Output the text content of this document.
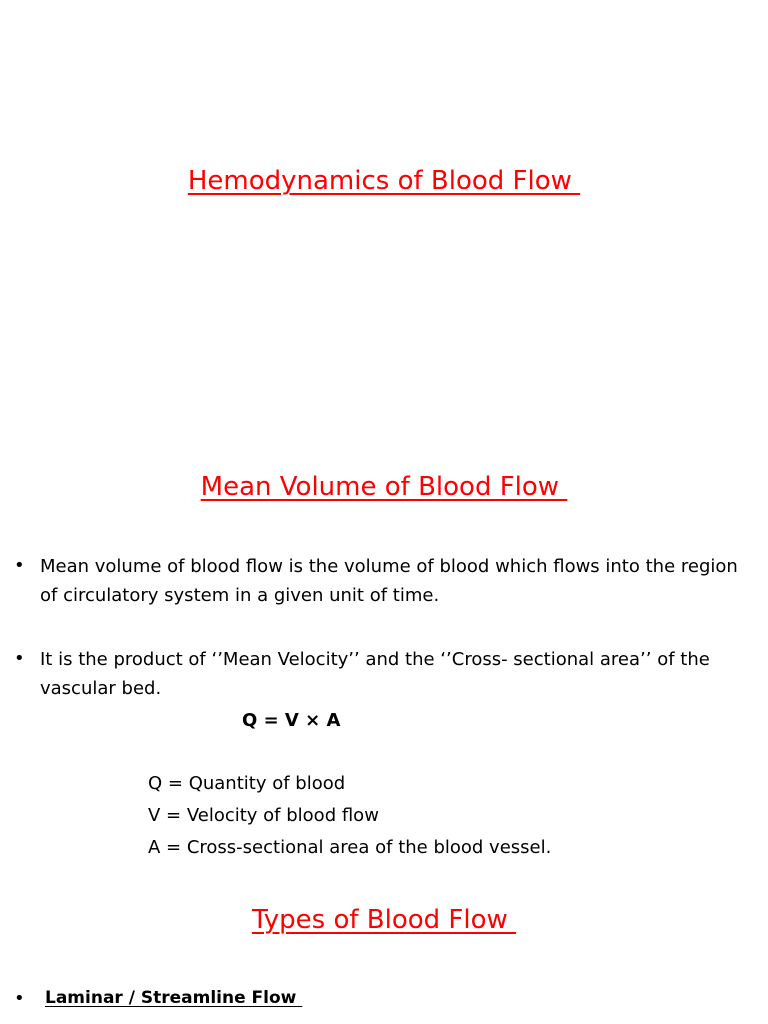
Hemodynamics of Blood Flow
Mean Volume of Blood Flow
• Mean volume of blood flow is the volume of blood which flows into the region of circulatory system in a given unit of time.
• It is the product of ‘’Mean Velocity’’ and the ‘’Cross- sectional area’’ of the vascular bed.
Q = V × A
Q = Quantity of blood
V = Velocity of blood flow
A = Cross-sectional area of the blood vessel.
Types of Blood Flow
• Laminar / Streamline Flow
